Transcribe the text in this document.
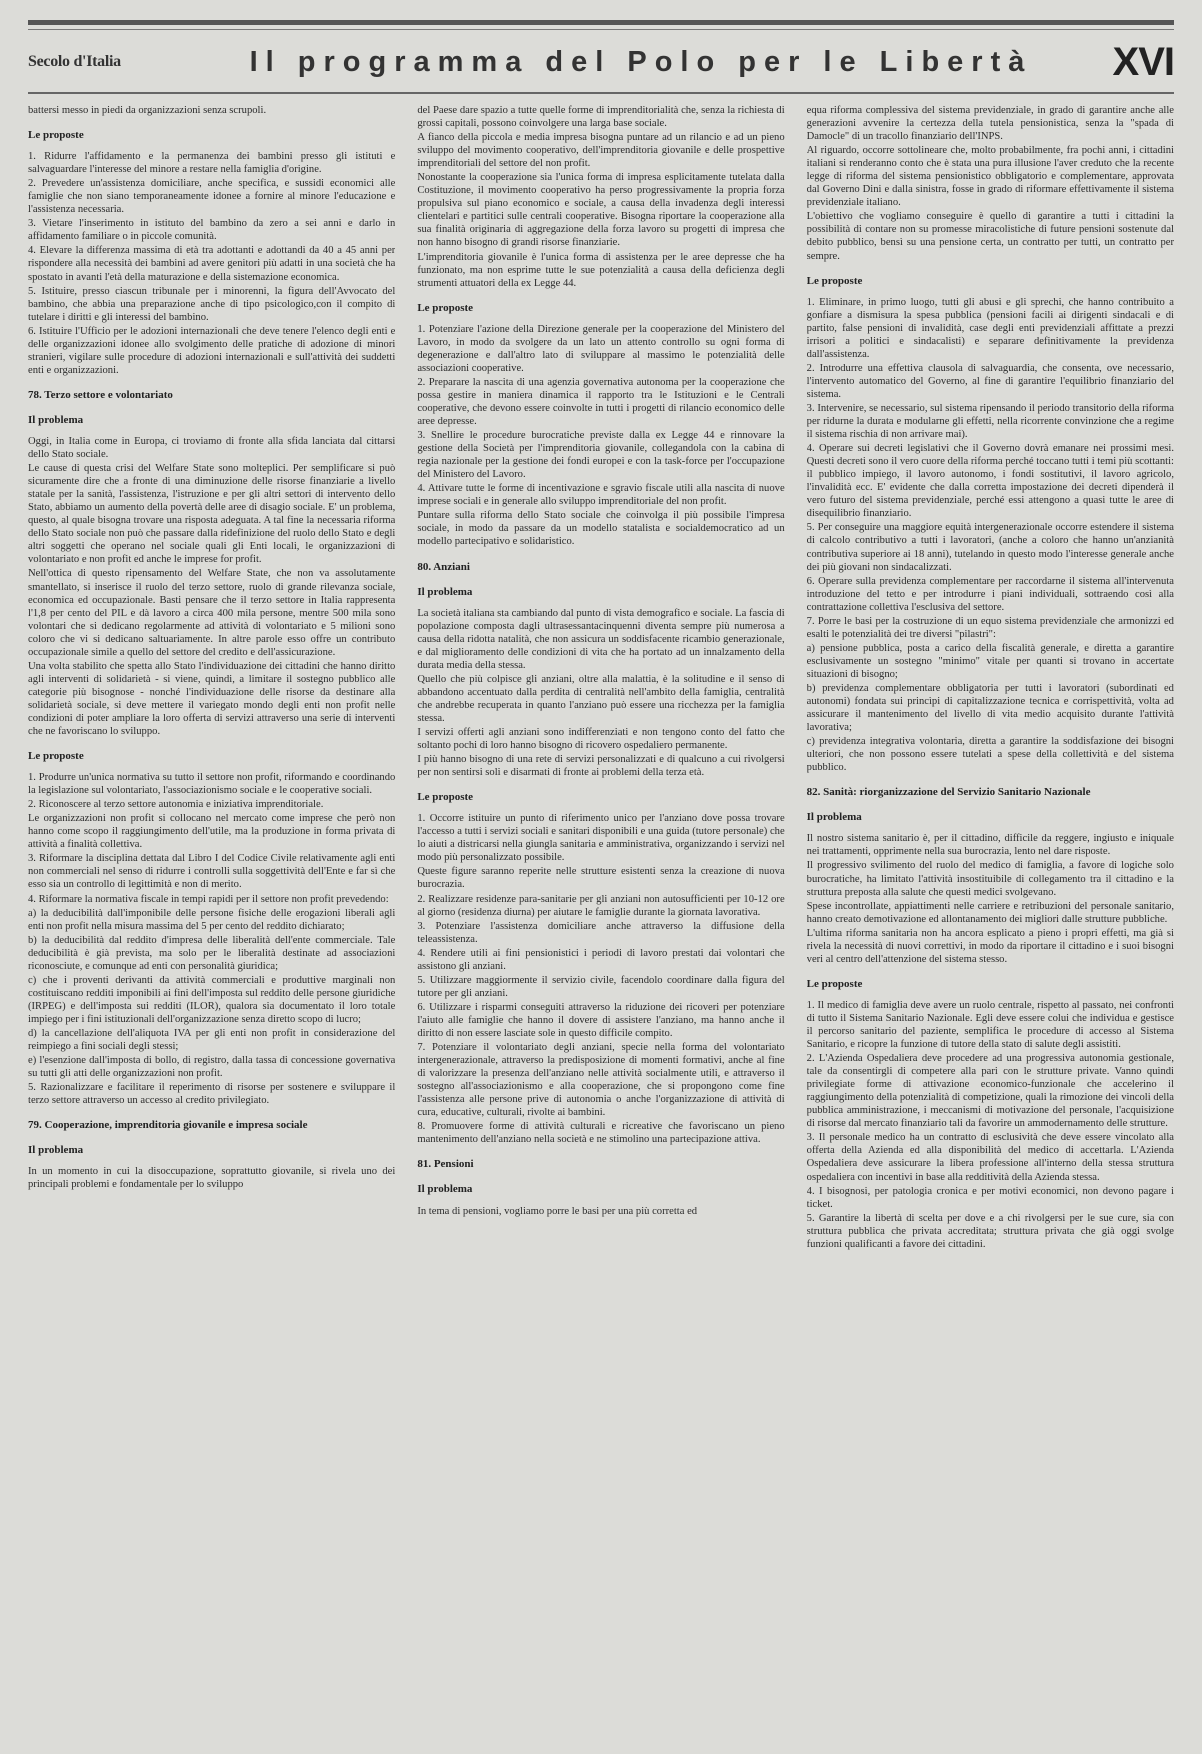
Secolo d'Italia	Il programma del Polo per le Libertà	XVI

battersi messo in piedi da organizzazioni senza scrupoli.

Le proposte

1. Ridurre l'affidamento e la permanenza dei bambini presso gli istituti e salvaguardare l'interesse del minore a restare nella famiglia d'origine.

2. Prevedere un'assistenza domiciliare, anche specifica, e sussidi economici alle famiglie che non siano temporaneamente idonee a fornire al minore l'educazione e l'assistenza necessaria.

3. Vietare l'inserimento in istituto del bambino da zero a sei anni e darlo in affidamento familiare o in piccole comunità.

4. Elevare la differenza massima di età tra adottanti e adottandi da 40 a 45 anni per rispondere alla necessità dei bambini ad avere genitori più adatti in una società che ha spostato in avanti l'età della maturazione e della sistemazione economica.

5. Istituire, presso ciascun tribunale per i minorenni, la figura dell'Avvocato del bambino, che abbia una preparazione anche di tipo psicologico,con il compito di tutelare i diritti e gli interessi del bambino.

6. Istituire l'Ufficio per le adozioni internazionali che deve tenere l'elenco degli enti e delle organizzazioni idonee allo svolgimento delle pratiche di adozione di minori stranieri, vigilare sulle procedure di adozioni internazionali e sull'attività dei suddetti enti e organizzazioni.

78. Terzo settore e volontariato
Il problema

Oggi, in Italia come in Europa, ci troviamo di fronte alla sfida lanciata dal cittarsi dello Stato sociale.

Le cause di questa crisi del Welfare State sono molteplici. Per semplificare si può sicuramente dire che a fronte di una diminuzione delle risorse finanziarie a livello statale per la sanità, l'assistenza, l'istruzione e per gli altri settori di intervento dello Stato, abbiamo un aumento della povertà delle aree di disagio sociale. E' un problema, questo, al quale bisogna trovare una risposta adeguata. A tal fine la necessaria riforma dello Stato sociale non può che passare dalla ridefinizione del ruolo dello Stato e degli altri soggetti che operano nel sociale quali gli Enti locali, le organizzazioni di volontariato e non profit ed anche le imprese for profit.

Nell'ottica di questo ripensamento del Welfare State, che non va assolutamente smantellato, si inserisce il ruolo del terzo settore, ruolo di grande rilevanza sociale, economica ed occupazionale. Basti pensare che il terzo settore in Italia rappresenta l'1,8 per cento del PIL e dà lavoro a circa 400 mila persone, mentre 500 mila sono volontari che si dedicano regolarmente ad attività di volontariato e 5 milioni sono coloro che vi si dedicano saltuariamente. In altre parole esso offre un contributo occupazionale simile a quello del settore del credito e dell'assicurazione.

Una volta stabilito che spetta allo Stato l'individuazione dei cittadini che hanno diritto agli interventi di solidarietà - si viene, quindi, a limitare il sostegno pubblico alle categorie più bisognose - nonché l'individuazione delle risorse da destinare alla solidarietà sociale, si deve mettere il variegato mondo degli enti non profit nelle condizioni di poter ampliare la loro offerta di servizi attraverso una serie di interventi che ne favoriscano lo sviluppo.

Le proposte

1. Produrre un'unica normativa su tutto il settore non profit, riformando e coordinando la legislazione sul volontariato, l'associazionismo sociale e le cooperative sociali.

2. Riconoscere al terzo settore autonomia e iniziativa imprenditoriale.

Le organizzazioni non profit si collocano nel mercato come imprese che però non hanno come scopo il raggiungimento dell'utile, ma la produzione in forma privata di attività a finalità collettiva.

3. Riformare la disciplina dettata dal Libro I del Codice Civile relativamente agli enti non commerciali nel senso di ridurre i controlli sulla soggettività dell'Ente e far sì che esso sia un controllo di legittimità e non di merito.

4. Riformare la normativa fiscale in tempi rapidi per il settore non profit prevedendo:

a) la deducibilità dall'imponibile delle persone fisiche delle erogazioni liberali agli enti non profit nella misura massima del 5 per cento del reddito dichiarato;

b) la deducibilità dal reddito d'impresa delle liberalità dell'ente commerciale. Tale deducibilità è già prevista, ma solo per le liberalità destinate ad associazioni riconosciute, e comunque ad enti con personalità giuridica;

c) che i proventi derivanti da attività commerciali e produttive marginali non costituiscano redditi imponibili ai fini dell'imposta sul reddito delle persone giuridiche (IRPEG) e dell'imposta sui redditi (ILOR), qualora sia documentato il loro totale impiego per i fini istituzionali dell'organizzazione senza diretto scopo di lucro;

d) la cancellazione dell'aliquota IVA per gli enti non profit in considerazione del reimpiego a fini sociali degli stessi;

e) l'esenzione dall'imposta di bollo, di registro, dalla tassa di concessione governativa su tutti gli atti delle organizzazioni non profit.

5. Razionalizzare e facilitare il reperimento di risorse per sostenere e sviluppare il terzo settore attraverso un accesso al credito privilegiato.

79. Cooperazione, imprenditoria giovanile e impresa sociale
Il problema

In un momento in cui la disoccupazione, soprattutto giovanile, si rivela uno dei principali problemi e fondamentale per lo sviluppo

del Paese dare spazio a tutte quelle forme di imprenditorialità che, senza la richiesta di grossi capitali, possono coinvolgere una larga base sociale.

A fianco della piccola e media impresa bisogna puntare ad un rilancio e ad un pieno sviluppo del movimento cooperativo, dell'imprenditoria giovanile e delle prospettive imprenditoriali del settore del non profit.

Nonostante la cooperazione sia l'unica forma di impresa esplicitamente tutelata dalla Costituzione, il movimento cooperativo ha perso progressivamente la propria forza propulsiva sul piano economico e sociale, a causa della invadenza degli interessi clientelari e partitici sulle centrali cooperative. Bisogna riportare la cooperazione alla sua finalità originaria di aggregazione della forza lavoro su progetti di impresa che non hanno bisogno di grandi risorse finanziarie.

L'imprenditoria giovanile è l'unica forma di assistenza per le aree depresse che ha funzionato, ma non esprime tutte le sue potenzialità a causa della deficienza degli strumenti attuatori della ex Legge 44.

Le proposte

1. Potenziare l'azione della Direzione generale per la cooperazione del Ministero del Lavoro, in modo da svolgere da un lato un attento controllo su ogni forma di degenerazione e dall'altro lato di sviluppare al massimo le potenzialità delle associazioni cooperative.

2. Preparare la nascita di una agenzia governativa autonoma per la cooperazione che possa gestire in maniera dinamica il rapporto tra le Istituzioni e le Centrali cooperative, che devono essere coinvolte in tutti i progetti di rilancio economico delle aree depresse.

3. Snellire le procedure burocratiche previste dalla ex Legge 44 e rinnovare la gestione della Società per l'imprenditoria giovanile, collegandola con la cabina di regia nazionale per la gestione dei fondi europei e con la task-force per l'occupazione del Ministero del Lavoro.

4. Attivare tutte le forme di incentivazione e sgravio fiscale utili alla nascita di nuove imprese sociali e in generale allo sviluppo imprenditoriale del non profit.

Puntare sulla riforma dello Stato sociale che coinvolga il più possibile l'impresa sociale, in modo da passare da un modello statalista e socialdemocratico ad un modello partecipativo e solidaristico.

80. Anziani
Il problema

La società italiana sta cambiando dal punto di vista demografico e sociale. La fascia di popolazione composta dagli ultrasessantacinquenni diventa sempre più numerosa a causa della ridotta natalità, che non assicura un soddisfacente ricambio generazionale, e dal miglioramento delle condizioni di vita che ha portato ad un innalzamento della durata media della stessa.

Quello che più colpisce gli anziani, oltre alla malattia, è la solitudine e il senso di abbandono accentuato dalla perdita di centralità nell'ambito della famiglia, centralità che andrebbe recuperata in quanto l'anziano può essere una ricchezza per la famiglia stessa.

I servizi offerti agli anziani sono indifferenziati e non tengono conto del fatto che soltanto pochi di loro hanno bisogno di ricovero ospedaliero permanente.

I più hanno bisogno di una rete di servizi personalizzati e di qualcuno a cui rivolgersi per non sentirsi soli e disarmati di fronte ai problemi della terza età.

Le proposte

1. Occorre istituire un punto di riferimento unico per l'anziano dove possa trovare l'accesso a tutti i servizi sociali e sanitari disponibili e una guida (tutore personale) che lo aiuti a districarsi nella giungla sanitaria e amministrativa, organizzando i servizi nel modo più personalizzato possibile.

Queste figure saranno reperite nelle strutture esistenti senza la creazione di nuova burocrazia.

2. Realizzare residenze para-sanitarie per gli anziani non autosufficienti per 10-12 ore al giorno (residenza diurna) per aiutare le famiglie durante la giornata lavorativa.

3. Potenziare l'assistenza domiciliare anche attraverso la diffusione della teleassistenza.

4. Rendere utili ai fini pensionistici i periodi di lavoro prestati dai volontari che assistono gli anziani.

5. Utilizzare maggiormente il servizio civile, facendolo coordinare dalla figura del tutore per gli anziani.

6. Utilizzare i risparmi conseguiti attraverso la riduzione dei ricoveri per potenziare l'aiuto alle famiglie che hanno il dovere di assistere l'anziano, ma hanno anche il diritto di non essere lasciate sole in questo difficile compito.

7. Potenziare il volontariato degli anziani, specie nella forma del volontariato intergenerazionale, attraverso la predisposizione di momenti formativi, anche al fine di valorizzare la presenza dell'anziano nelle attività socialmente utili, e attraverso il sostegno all'associazionismo e alla cooperazione, che si propongono come fine l'assistenza alle persone prive di autonomia o anche l'organizzazione di attività di cura, educative, culturali, rivolte ai bambini.

8. Promuovere forme di attività culturali e ricreative che favoriscano un pieno mantenimento dell'anziano nella società e ne stimolino una partecipazione attiva.

81. Pensioni
Il problema

In tema di pensioni, vogliamo porre le basi per una più corretta ed

equa riforma complessiva del sistema previdenziale, in grado di garantire anche alle generazioni avvenire la certezza della tutela pensionistica, senza la "spada di Damocle" di un tracollo finanziario dell'INPS.

Al riguardo, occorre sottolineare che, molto probabilmente, fra pochi anni, i cittadini italiani si renderanno conto che è stata una pura illusione l'aver creduto che la recente legge di riforma del sistema pensionistico obbligatorio e complementare, approvata dal Governo Dini e dalla sinistra, fosse in grado di riformare effettivamente il sistema previdenziale italiano.

L'obiettivo che vogliamo conseguire è quello di garantire a tutti i cittadini la possibilità di contare non su promesse miracolistiche di future pensioni sostenute dal debito pubblico, bensì su una pensione certa, un contratto per tutti, un contratto per sempre.

Le proposte

1. Eliminare, in primo luogo, tutti gli abusi e gli sprechi, che hanno contribuito a gonfiare a dismisura la spesa pubblica (pensioni facili ai dirigenti sindacali e di partito, false pensioni di invalidità, case degli enti previdenziali affittate a prezzi irrisori a politici e sindacalisti) e separare definitivamente la previdenza dall'assistenza.

2. Introdurre una effettiva clausola di salvaguardia, che consenta, ove necessario, l'intervento automatico del Governo, al fine di garantire l'equilibrio finanziario del sistema.

3. Intervenire, se necessario, sul sistema ripensando il periodo transitorio della riforma per ridurne la durata e modularne gli effetti, nella ricorrente convinzione che a regime il sistema rischia di non arrivare mai).

4. Operare sui decreti legislativi che il Governo dovrà emanare nei prossimi mesi. Questi decreti sono il vero cuore della riforma perché toccano tutti i temi più scottanti: il pubblico impiego, il lavoro autonomo, i fondi sostitutivi, il lavoro agricolo, l'invalidità ecc. E' evidente che dalla corretta impostazione dei decreti dipenderà il vero futuro del sistema previdenziale, perché essi attengono a quasi tutte le aree di disequilibrio finanziario.

5. Per conseguire una maggiore equità intergenerazionale occorre estendere il sistema di calcolo contributivo a tutti i lavoratori, (anche a coloro che hanno un'anzianità contributiva superiore ai 18 anni), tutelando in questo modo l'interesse generale anche dei più giovani non sindacalizzati.

6. Operare sulla previdenza complementare per raccordarne il sistema all'intervenuta introduzione del tetto e per introdurre i piani individuali, sottraendo così alla contrattazione collettiva l'esclusiva del settore.

7. Porre le basi per la costruzione di un equo sistema previdenziale che armonizzi ed esalti le potenzialità dei tre diversi "pilastri":

a) pensione pubblica, posta a carico della fiscalità generale, e diretta a garantire esclusivamente un sostegno "minimo" vitale per quanti si trovano in accertate situazioni di bisogno;

b) previdenza complementare obbligatoria per tutti i lavoratori (subordinati ed autonomi) fondata sui princìpi di capitalizzazione tecnica e corrispettività, volta ad assicurare il mantenimento del livello di vita medio acquisito durante l'attività lavorativa;

c) previdenza integrativa volontaria, diretta a garantire la soddisfazione dei bisogni ulteriori, che non possono essere tutelati a spese della collettività e del sistema pubblico.

82. Sanità: riorganizzazione del Servizio Sanitario Nazionale
Il problema

Il nostro sistema sanitario è, per il cittadino, difficile da reggere, ingiusto e iniquale nei trattamenti, opprimente nella sua burocrazia, lento nel dare risposte.

Il progressivo svilimento del ruolo del medico di famiglia, a favore di logiche solo burocratiche, ha limitato l'attività insostituibile di collegamento tra il cittadino e la struttura preposta alla salute che questi medici svolgevano.

Spese incontrollate, appiattimenti nelle carriere e retribuzioni del personale sanitario, hanno creato demotivazione ed allontanamento dei migliori dalle strutture pubbliche.

L'ultima riforma sanitaria non ha ancora esplicato a pieno i propri effetti, ma già si rivela la necessità di nuovi correttivi, in modo da riportare il cittadino e i suoi bisogni veri al centro dell'attenzione del sistema stesso.

Le proposte

1. Il medico di famiglia deve avere un ruolo centrale, rispetto al passato, nei confronti di tutto il Sistema Sanitario Nazionale. Egli deve essere colui che individua e gestisce il percorso sanitario del paziente, semplifica le procedure di accesso al Sistema Sanitario, e ricopre la funzione di tutore della stato di salute degli assistiti.

2. L'Azienda Ospedaliera deve procedere ad una progressiva autonomia gestionale, tale da consentirgli di competere alla pari con le strutture private. Vanno quindi privilegiate forme di attivazione economico-funzionale che accelerino il raggiungimento della potenzialità di competizione, quali la rimozione dei vincoli della pubblica amministrazione, i meccanismi di motivazione del personale, l'acquisizione di risorse dal mercato finanziario tali da favorire un ammodernamento delle strutture.

3. Il personale medico ha un contratto di esclusività che deve essere vincolato alla offerta della Azienda ed alla disponibilità del medico di accettarla. L'Azienda Ospedaliera deve assicurare la libera professione all'interno della stessa struttura ospedaliera con incentivi in base alla redditività della Azienda stessa.

4. I bisognosi, per patologia cronica e per motivi economici, non devono pagare i ticket.

5. Garantire la libertà di scelta per dove e a chi rivolgersi per le sue cure, sia con struttura pubblica che privata accreditata; struttura privata che già oggi svolge funzioni qualificanti a favore dei cittadini.
